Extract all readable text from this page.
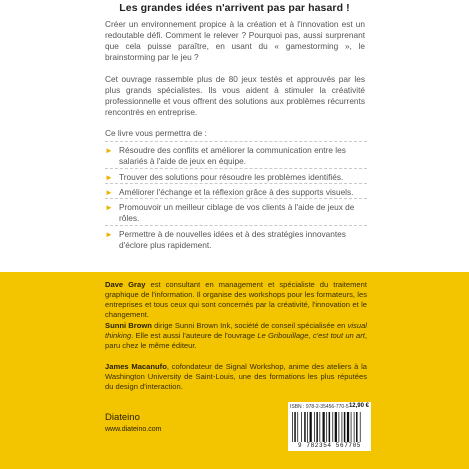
Les grandes idées n'arrivent pas par hasard !
Créer un environnement propice à la création et à l'innovation est un redoutable défi. Comment le relever ? Pourquoi pas, aussi surprenant que cela puisse paraître, en usant du « gamestorming », le brainstorming par le jeu ?
Cet ouvrage rassemble plus de 80 jeux testés et approuvés par les plus grands spécialistes. Ils vous aident à stimuler la créativité professionnelle et vous offrent des solutions aux problèmes récurrents rencontrés en entreprise.
Ce livre vous permettra de :
► Résoudre des conflits et améliorer la communication entre les salariés à l'aide de jeux en équipe.
► Trouver des solutions pour résoudre les problèmes identifiés.
► Améliorer l'échange et la réflexion grâce à des supports visuels.
► Promouvoir un meilleur ciblage de vos clients à l'aide de jeux de rôles.
► Permettre à de nouvelles idées et à des stratégies innovantes d'éclore plus rapidement.
Dave Gray est consultant en management et spécialiste du traitement graphique de l'information. Il organise des workshops pour les formateurs, les entreprises et tous ceux qui sont concernés par la créativité, l'innovation et le changement.
Sunni Brown dirige Sunni Brown Ink, société de conseil spécialisée en visual thinking. Elle est aussi l'auteure de l'ouvrage Le Gribouillage, c'est tout un art, paru chez le même éditeur.
James Macanufo, cofondateur de Signal Workshop, anime des ateliers à la Washington University de Saint-Louis, une des formations les plus réputées du design d'interaction.
Diateino
www.diateino.com
ISBN : 978-2-35456-770-5 12,90 €
9 782354 567705
